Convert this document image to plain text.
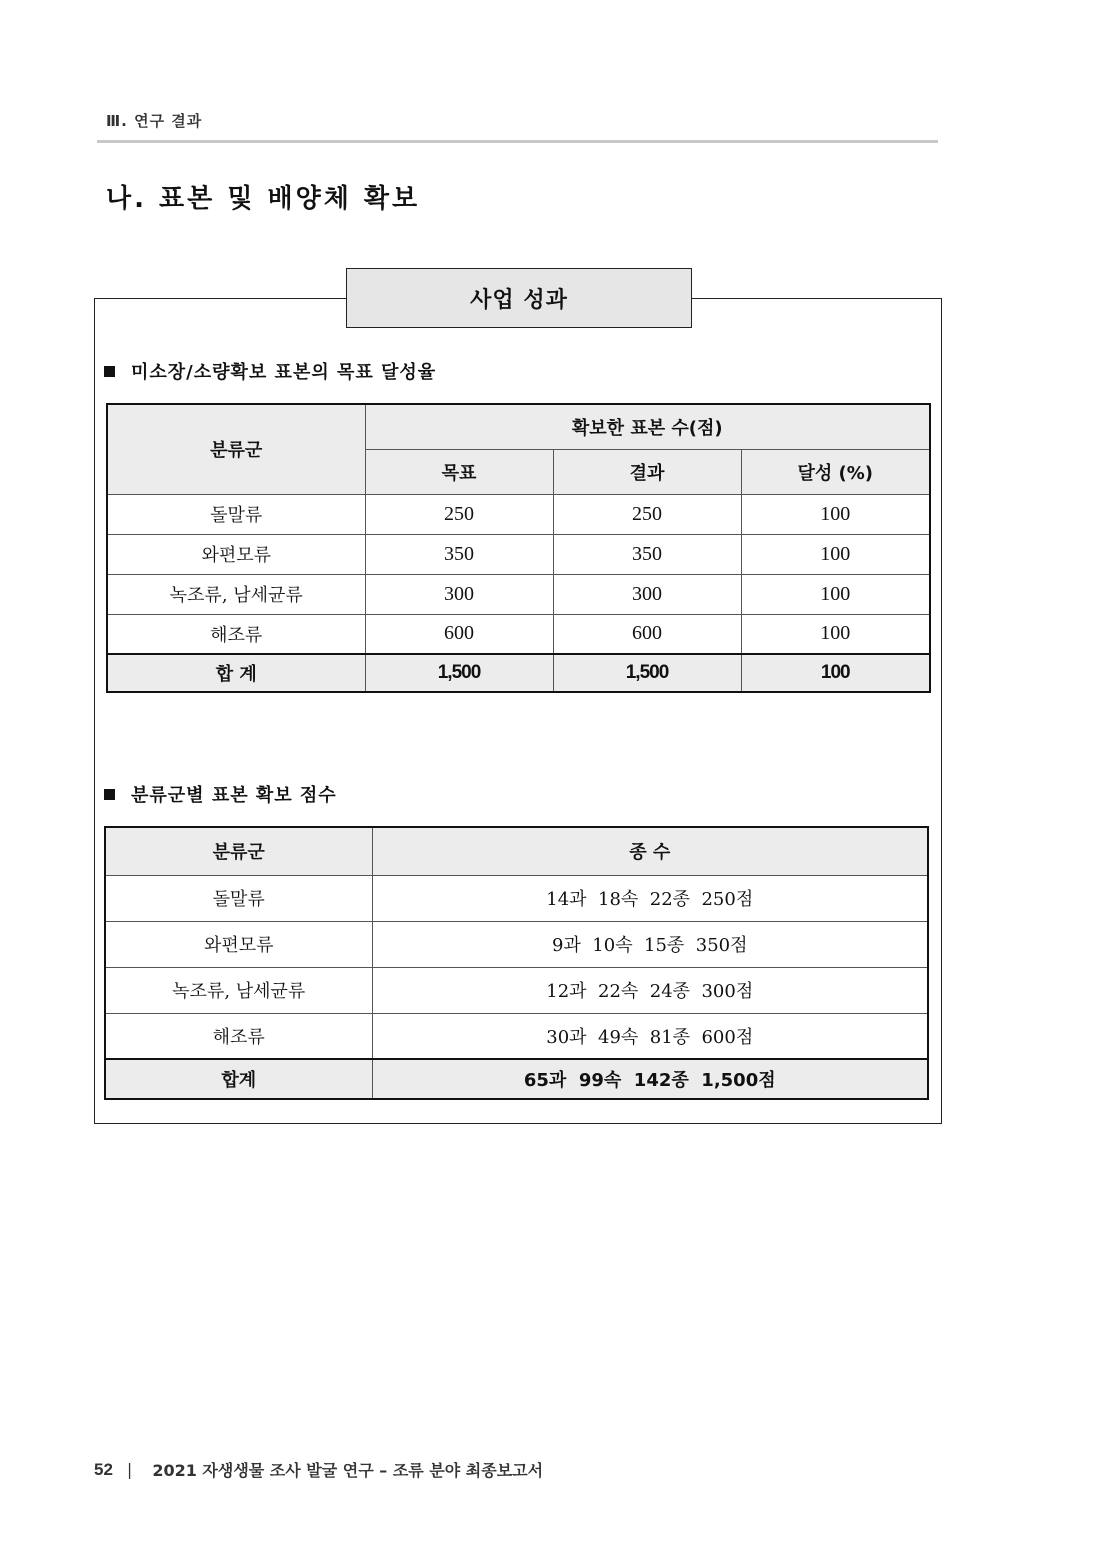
Ⅲ. 연구 결과
나. 표본 및 배양체 확보
사업 성과
미소장/소량확보 표본의 목표 달성율
분류군	확보한 표본 수(점)		
	목표	결과	달성 (%)
돌말류	250	250	100
와편모류	350	350	100
녹조류, 남세균류	300	300	100
해조류	600	600	100
합 계	1,500	1,500	100
분류군별 표본 확보 점수
분류군	종 수
돌말류	14과  18속  22종  250점
와편모류	9과  10속  15종  350점
녹조류, 남세균류	12과  22속  24종  300점
해조류	30과  49속  81종  600점
합계	65과  99속  142종  1,500점
52 | 2021 자생생물 조사 발굴 연구 – 조류 분야 최종보고서
